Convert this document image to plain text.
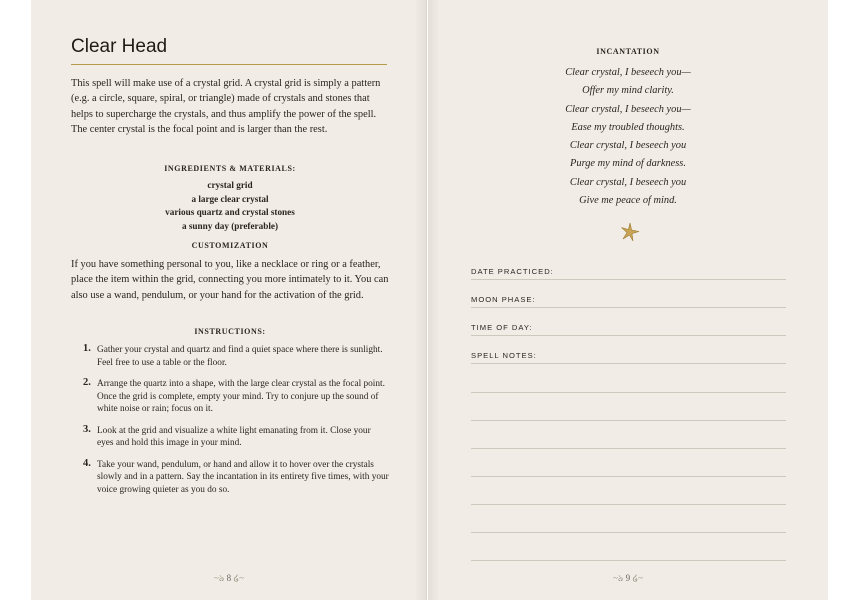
Clear Head

This spell will make use of a crystal grid. A crystal grid is simply a pattern (e.g. a circle, square, spiral, or triangle) made of crystals and stones that helps to supercharge the crystals, and thus amplify the power of the spell. The center crystal is the focal point and is larger than the rest.

INGREDIENTS & MATERIALS:
crystal grid
a large clear crystal
various quartz and crystal stones
a sunny day (preferable)
CUSTOMIZATION

If you have something personal to you, like a necklace or ring or a feather, place the item within the grid, connecting you more intimately to it. You can also use a wand, pendulum, or your hand for the activation of the grid.

INSTRUCTIONS:
1. Gather your crystal and quartz and find a quiet space where there is sunlight. Feel free to use a table or the floor.
2. Arrange the quartz into a shape, with the large clear crystal as the focal point. Once the grid is complete, empty your mind. Try to conjure up the sound of white noise or rain; focus on it.
3. Look at the grid and visualize a white light emanating from it. Close your eyes and hold this image in your mind.
4. Take your wand, pendulum, or hand and allow it to hover over the crystals slowly and in a pattern. Say the incantation in its entirety five times, with your voice growing quieter as you do so.
~ঌ 8 ໒~
INCANTATION
Clear crystal, I beseech you—
Offer my mind clarity.
Clear crystal, I beseech you—
Ease my troubled thoughts.
Clear crystal, I beseech you
Purge my mind of darkness.
Clear crystal, I beseech you
Give me peace of mind.
DATE PRACTICED:
MOON PHASE:
TIME OF DAY:
SPELL NOTES:
~ঌ 9 ໒~
